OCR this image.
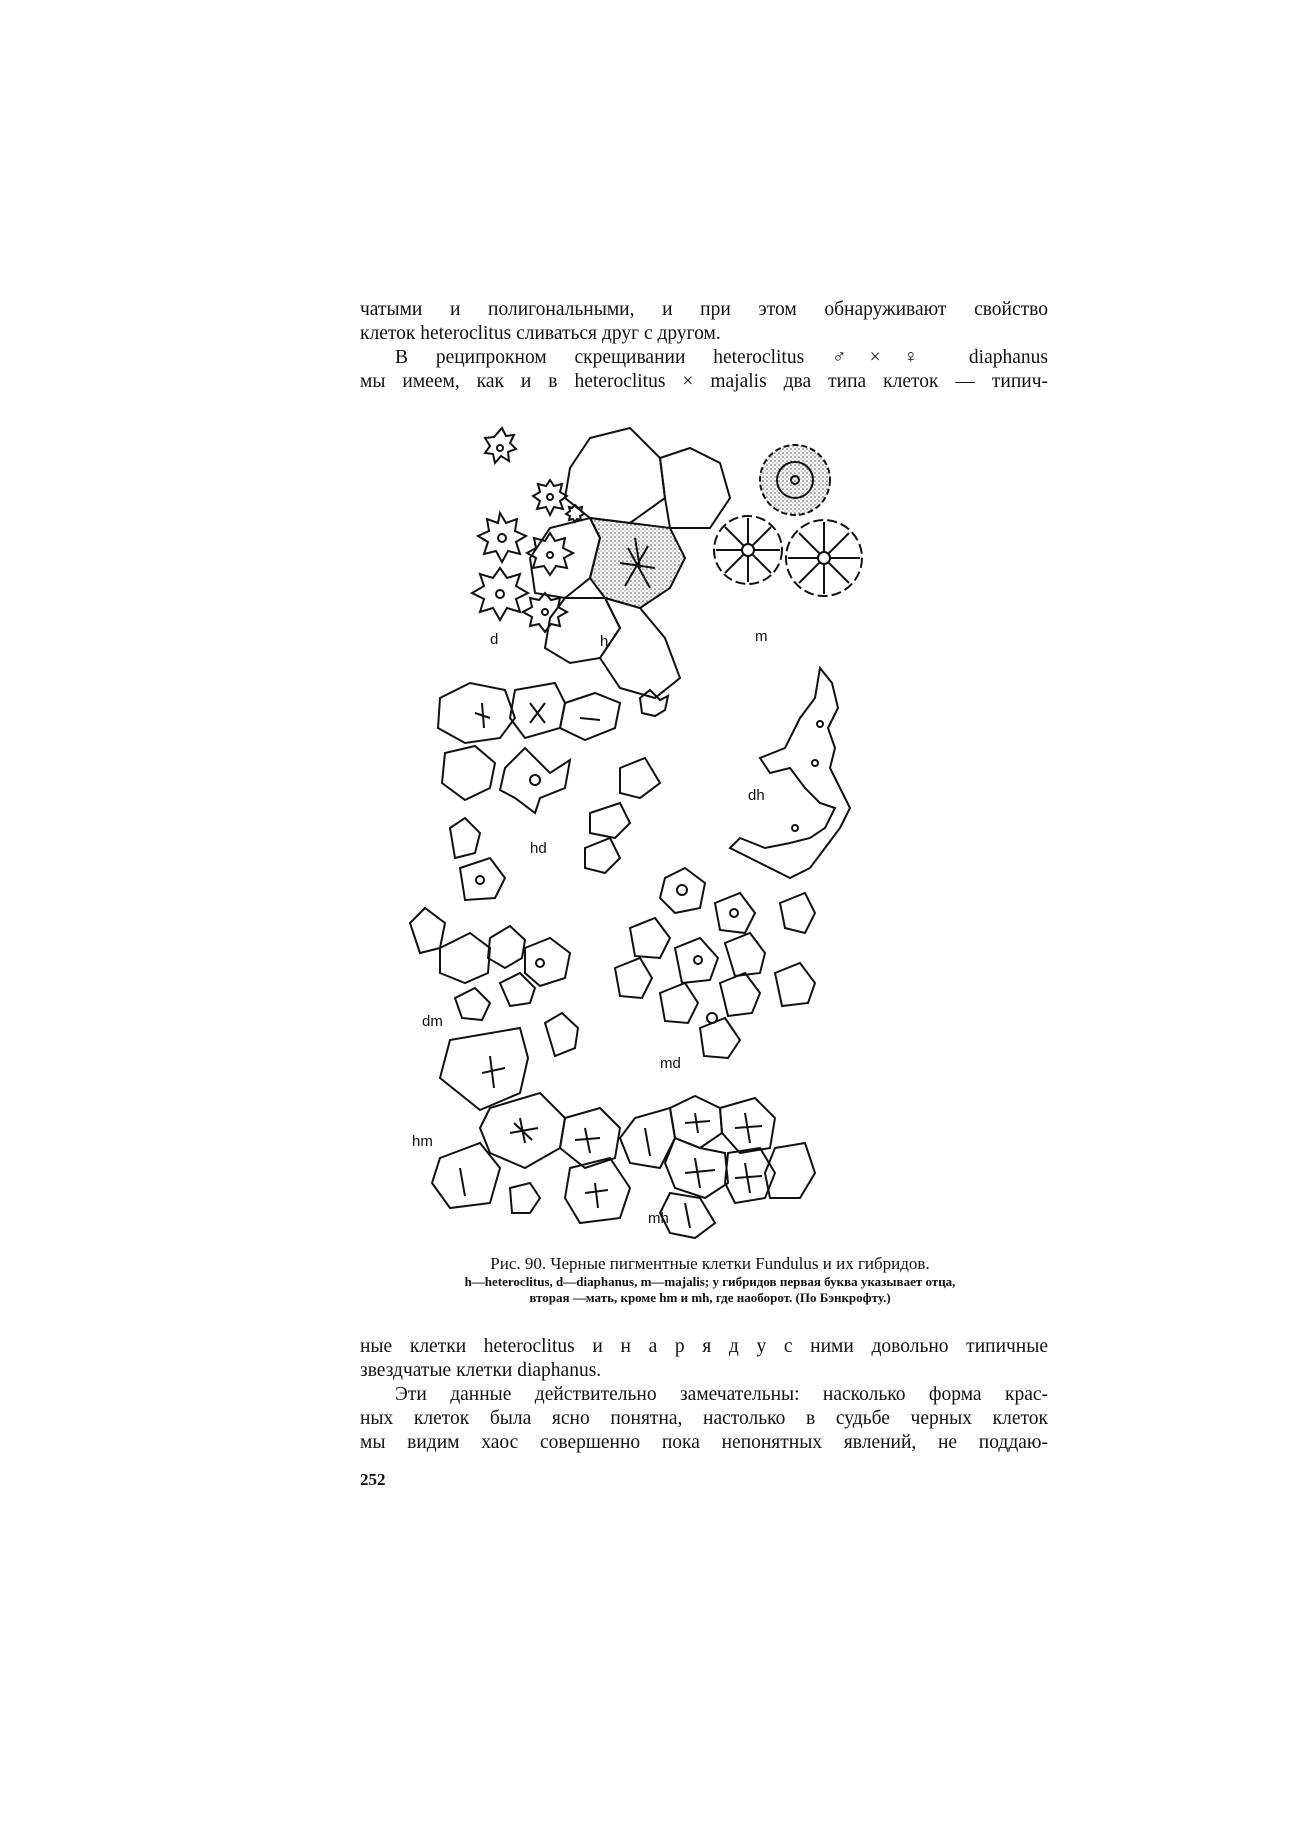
чатыми и полигональными, и при этом обнаруживают свойство

клеток heteroclitus сливаться друг с другом.

В реципрокном скрещивании heteroclitus ♂×♀ diaphanus

мы имеем, как и в heteroclitus × majalis два типа клеток — типич-

d	h	m
hd
dh
dm
md
hm
mh
Рис. 90. Черные пигментные клетки Fundulus и их гибридов.
h—heteroclitus, d—diaphanus, m—majalis; у гибридов первая буква указывает отца,
вторая —мать, кроме hm и mh, где наоборот. (По Бэнкрофту.)

ные клетки heteroclitus и н а р я д у с ними довольно типичные

звездчатые клетки diaphanus.

Эти данные действительно замечательны: насколько форма крас-

ных клеток была ясно понятна, настолько в судьбе черных клеток

мы видим хаос совершенно пока непонятных явлений, не поддаю-

252
